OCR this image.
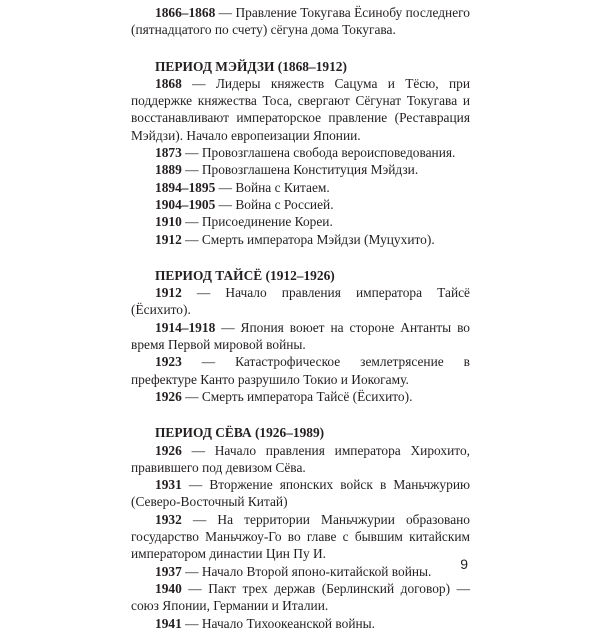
1866–1868 — Правление Токугава Ёсинобу последнего (пятнадцатого по счету) сёгуна дома Токугава.

ПЕРИОД МЭЙДЗИ (1868–1912)

1868 — Лидеры княжеств Сацума и Тёсю, при поддержке княжества Тоса, свергают Сёгунат Токугава и восстанавливают императорское правление (Реставрация Мэйдзи). Начало европеизации Японии.

1873 — Провозглашена свобода вероисповедования.

1889 — Провозглашена Конституция Мэйдзи.

1894–1895 — Война с Китаем.

1904–1905 — Война с Россией.

1910 — Присоединение Кореи.

1912 — Смерть императора Мэйдзи (Муцухито).

ПЕРИОД ТАЙСЁ (1912–1926)

1912 — Начало правления императора Тайсё (Ёсихито).

1914–1918 — Япония воюет на стороне Антанты во время Первой мировой войны.

1923 — Катастрофическое землетрясение в префектуре Канто разрушило Токио и Иокогаму.

1926 — Смерть императора Тайсё (Ёсихито).

ПЕРИОД СЁВА (1926–1989)

1926 — Начало правления императора Хирохито, правившего под девизом Сёва.

1931 — Вторжение японских войск в Маньчжурию (Северо-Восточный Китай)

1932 — На территории Маньчжурии образовано государство Маньчжоу-Го во главе с бывшим китайским императором династии Цин Пу И.

1937 — Начало Второй японо-китайской войны.

1940 — Пакт трех держав (Берлинский договор) — союз Японии, Германии и Италии.

1941 — Начало Тихоокеанской войны.

9
